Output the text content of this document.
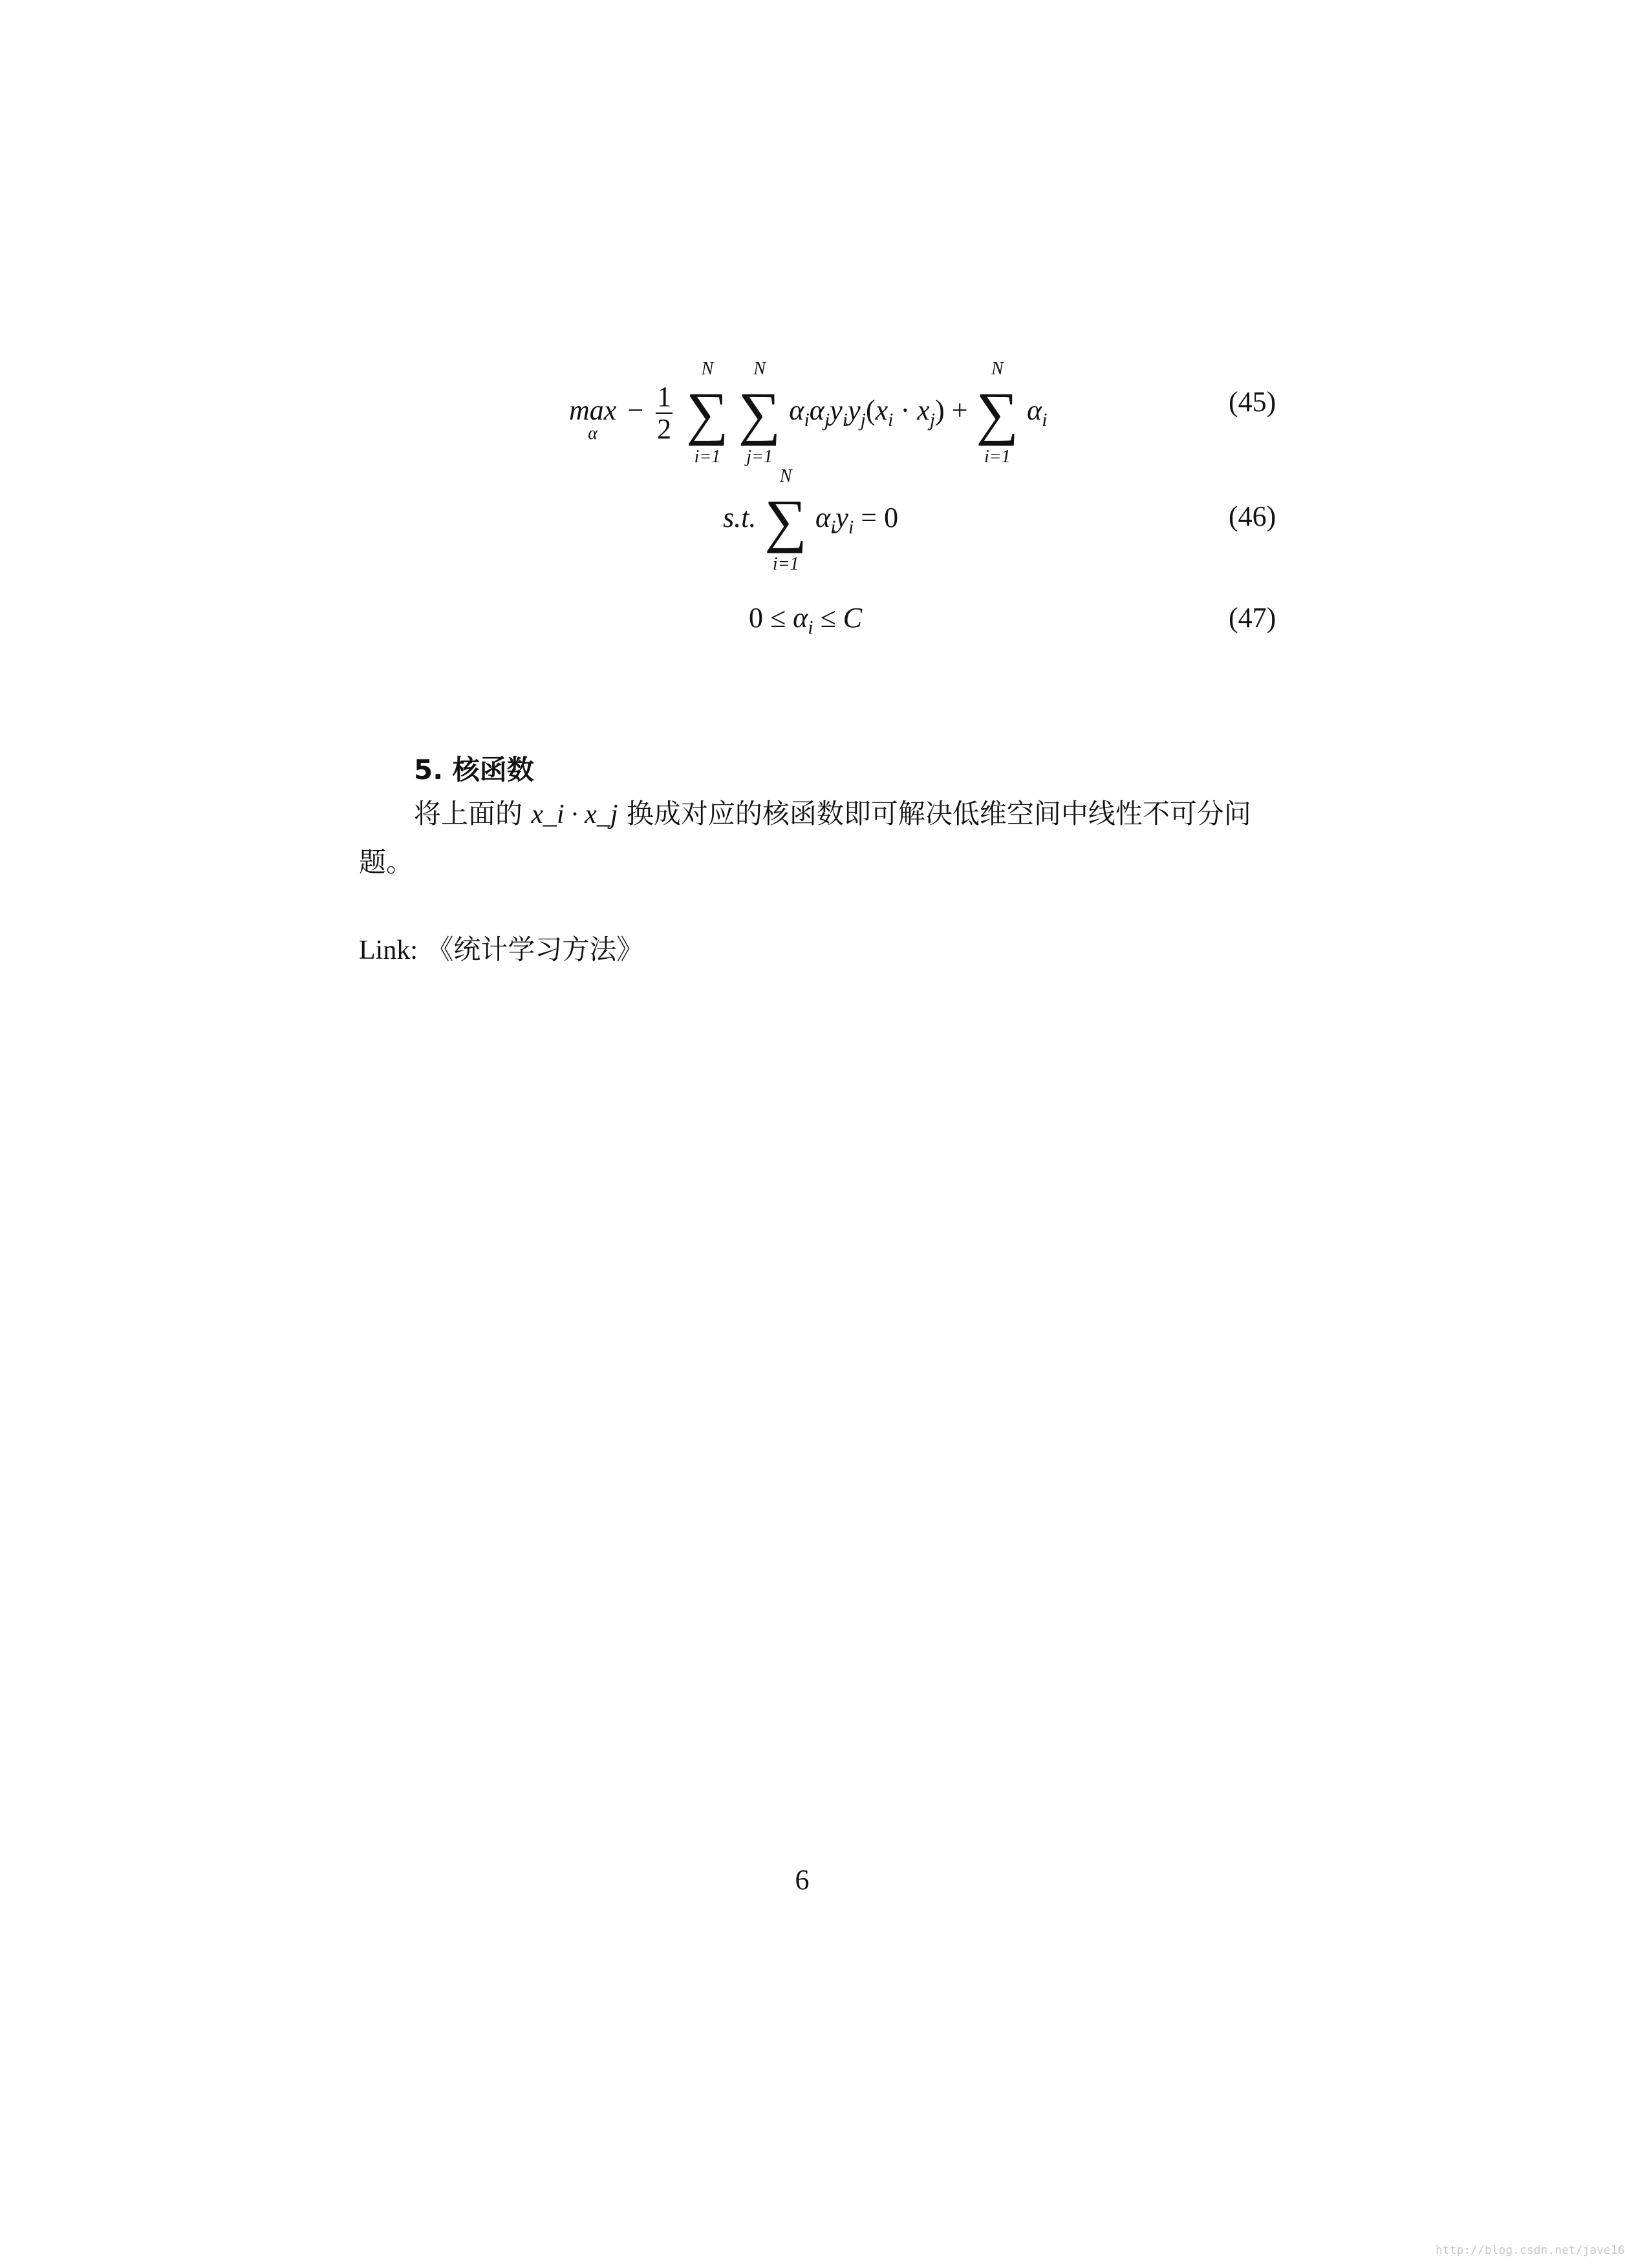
max
α
− $\frac{1}{2}$

N
∑
i=1

N
∑
j=1
$\alpha_i\alpha_jy_iy_j(x_i \cdot x_j)$ +
N
∑
i=1
$\alpha_i$
(45)
s.t.
N
∑
i=1
$\alpha_iy_i = 0$	(46)
$0 \le \alpha_i \le C$	(47)
5. 核函数
将上面的 x_i · x_j 换成对应的核函数即可解决低维空间中线性不可分问题。
Link: 《统计学习方法》
6
http://blog.csdn.net/jave16
